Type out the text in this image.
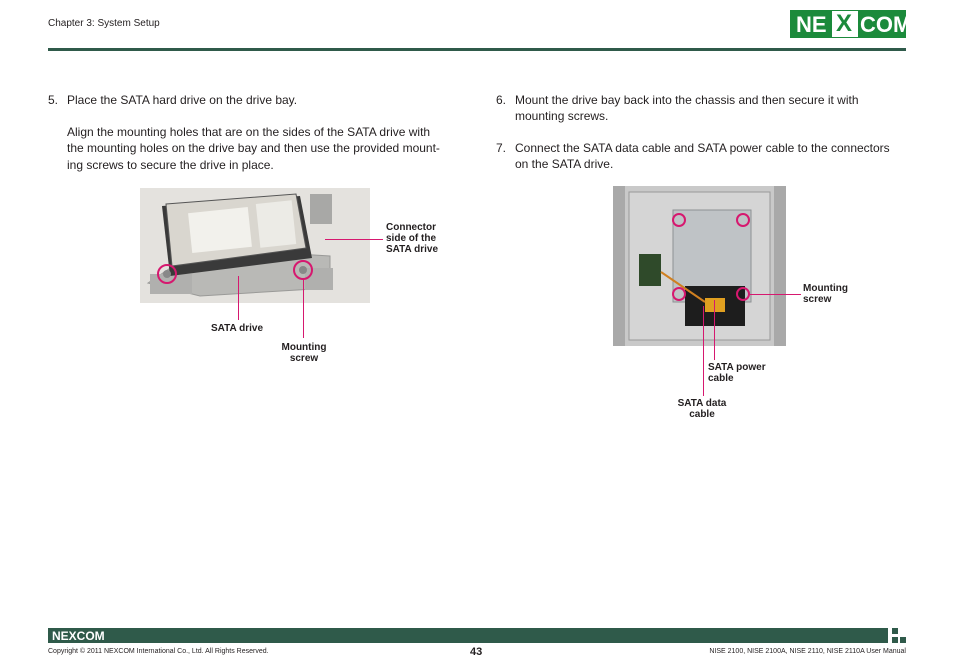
Chapter 3: System Setup	NE X COM
5. Place the SATA hard drive on the drive bay.
Align the mounting holes that are on the sides of the SATA drive with
the mounting holes on the drive bay and then use the provided mount-
ing screws to secure the drive in place.
Connector
side of the
SATA drive
SATA drive
Mounting
screw
6. Mount the drive bay back into the chassis and then secure it with
mounting screws.
7. Connect the SATA data cable and SATA power cable to the connectors
on the SATA drive.
Mounting
screw
SATA power
cable
SATA data
cable
NEXCOM
Copyright © 2011 NEXCOM International Co., Ltd. All Rights Reserved.	43	NISE 2100, NISE 2100A, NISE 2110, NISE 2110A User Manual
